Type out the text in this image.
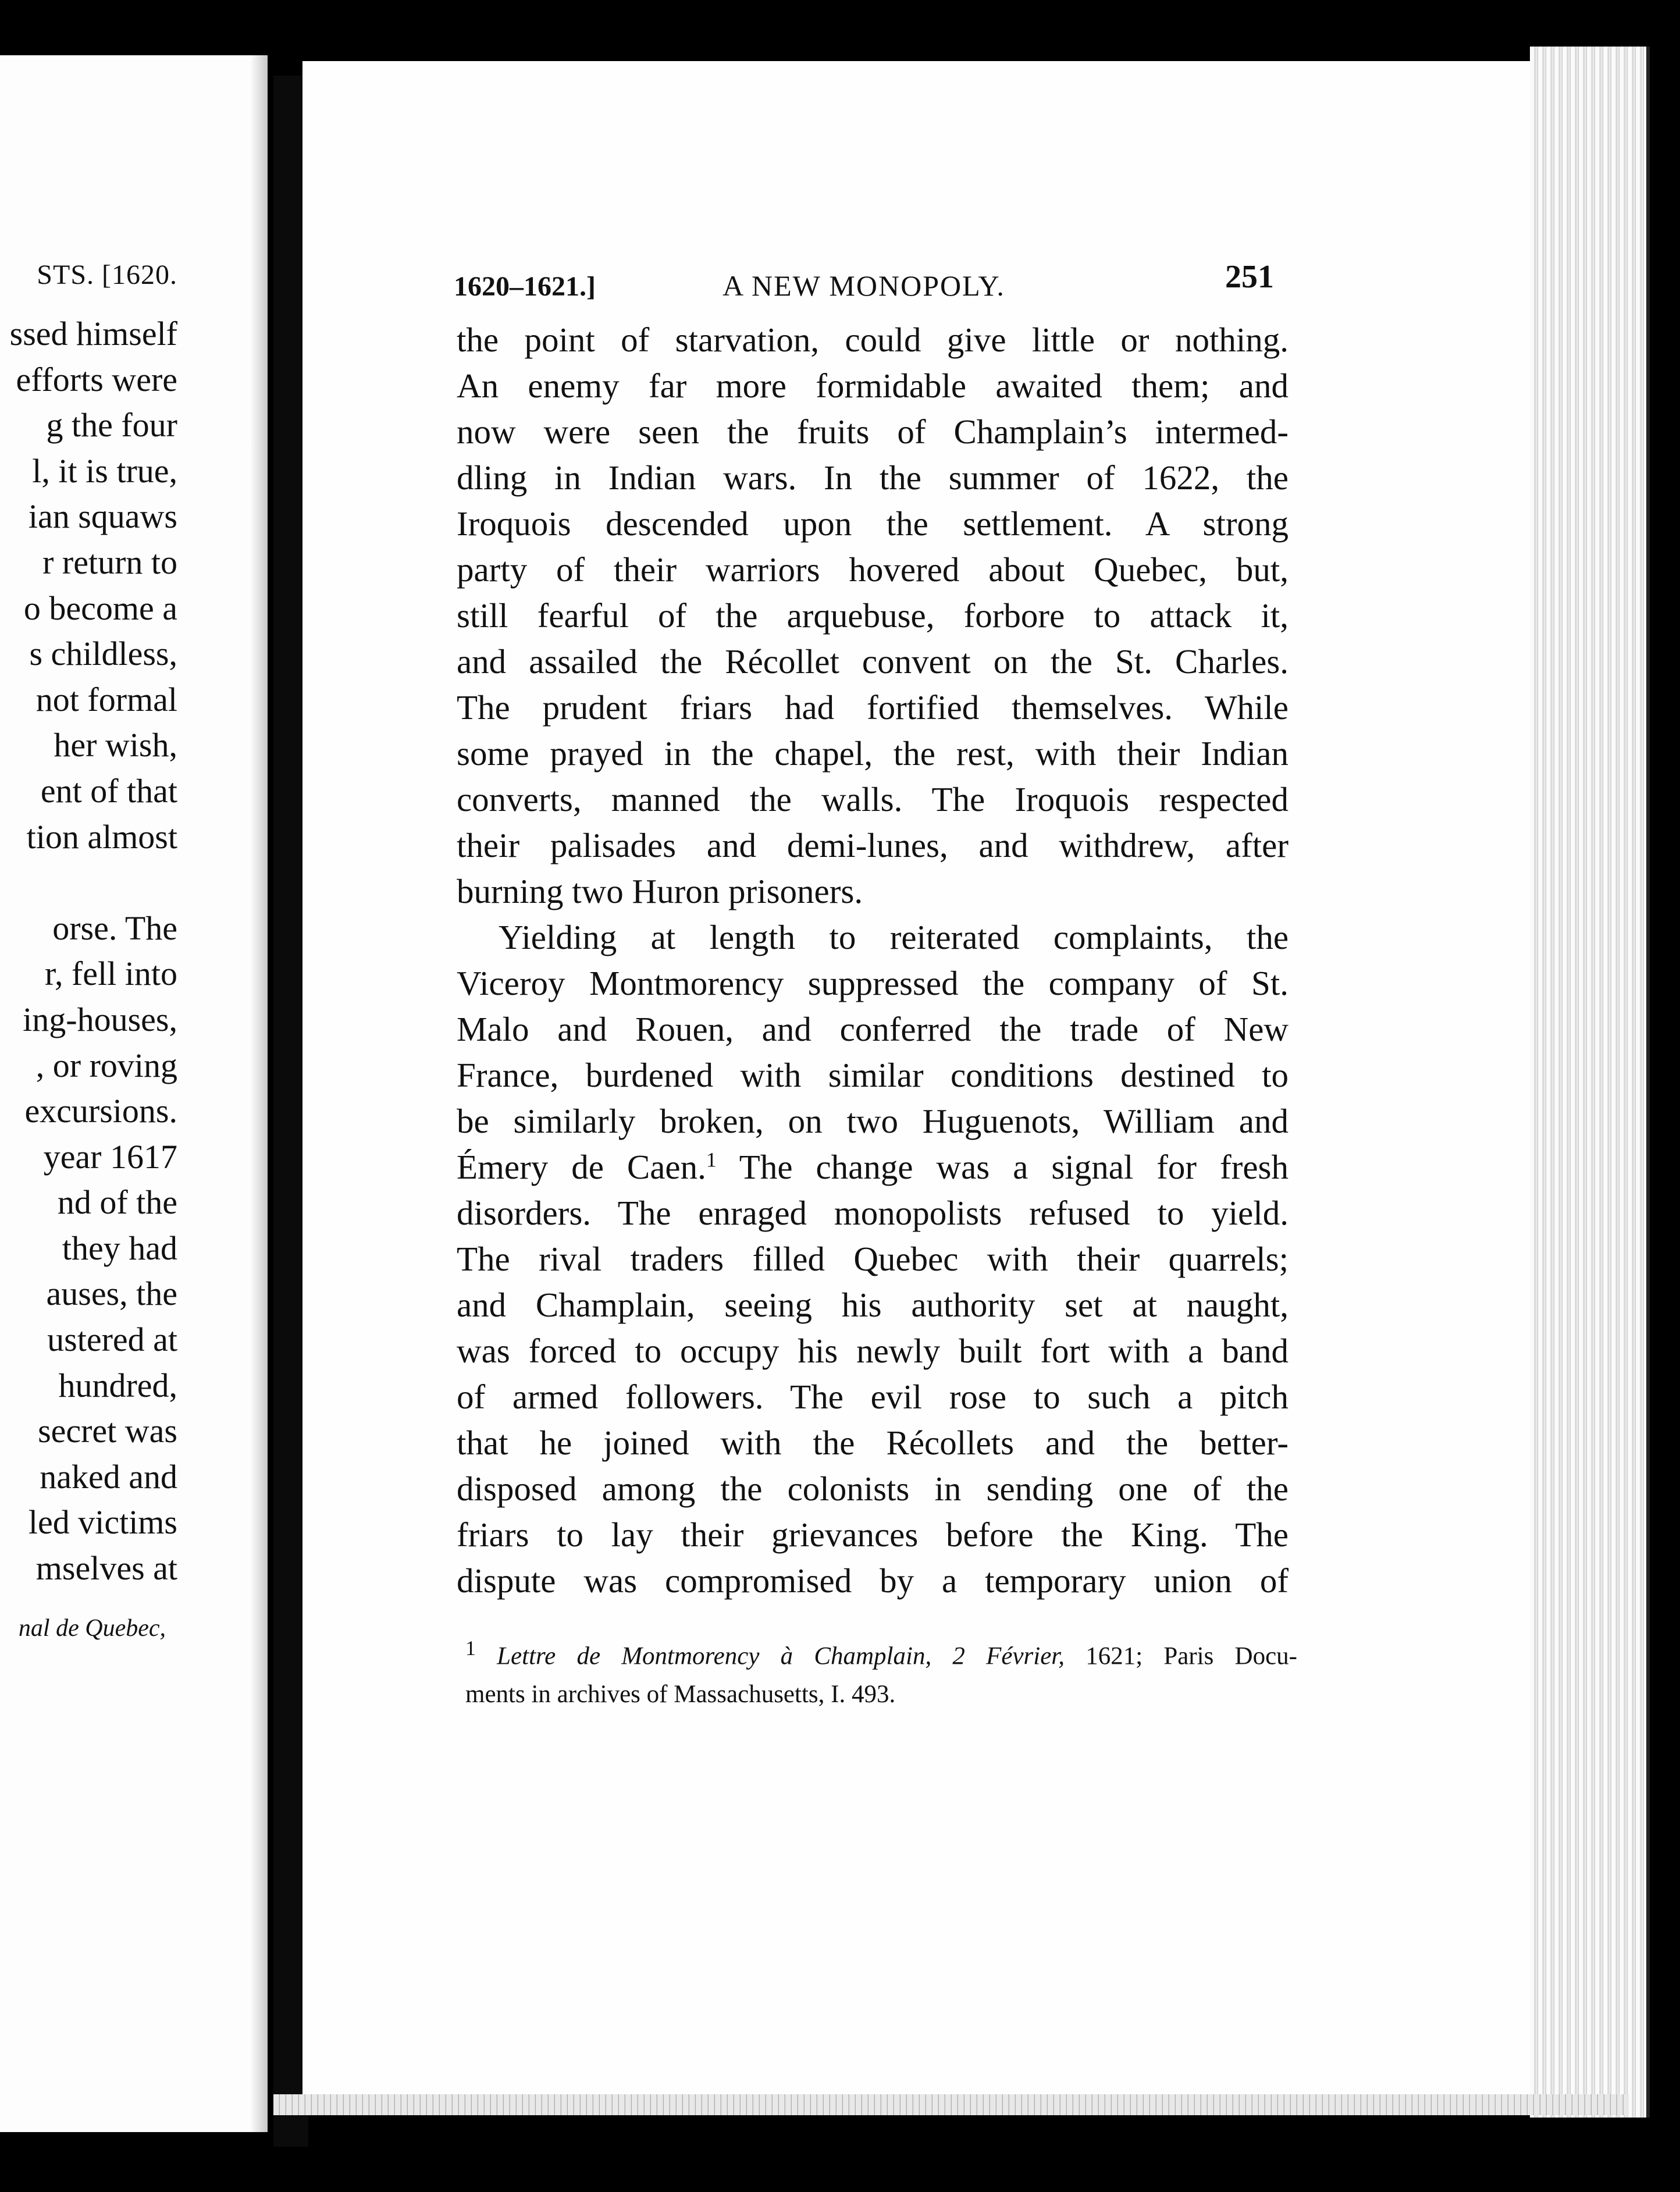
STS. [1620.
ssed himself
efforts were
g the four
l, it is true,
ian squaws
r return to
o become a
s childless,
not formal
her wish,
ent of that
tion almost
orse. The
r, fell into
ing-houses,
, or roving
excursions.
year 1617
nd of the
they had
auses, the
ustered at
hundred,
secret was
naked and
led victims
mselves at
nal de Quebec,
1620–1621.]	A NEW MONOPOLY.	251
the point of starvation, could give little or nothing.
An enemy far more formidable awaited them; and
now were seen the fruits of Champlain’s intermed-
dling in Indian wars. In the summer of 1622, the
Iroquois descended upon the settlement. A strong
party of their warriors hovered about Quebec, but,
still fearful of the arquebuse, forbore to attack it,
and assailed the Récollet convent on the St. Charles.
The prudent friars had fortified themselves. While
some prayed in the chapel, the rest, with their Indian
converts, manned the walls. The Iroquois respected
their palisades and demi-lunes, and withdrew, after
burning two Huron prisoners.
Yielding at length to reiterated complaints, the
Viceroy Montmorency suppressed the company of St.
Malo and Rouen, and conferred the trade of New
France, burdened with similar conditions destined to
be similarly broken, on two Huguenots, William and
Émery de Caen.$^1$ The change was a signal for fresh
disorders. The enraged monopolists refused to yield.
The rival traders filled Quebec with their quarrels;
and Champlain, seeing his authority set at naught,
was forced to occupy his newly built fort with a band
of armed followers. The evil rose to such a pitch
that he joined with the Récollets and the better-
disposed among the colonists in sending one of the
friars to lay their grievances before the King. The
dispute was compromised by a temporary union of
$^1$ Lettre de Montmorency à Champlain, 2 Février, 1621; Paris Docu-
ments in archives of Massachusetts, I. 493.
